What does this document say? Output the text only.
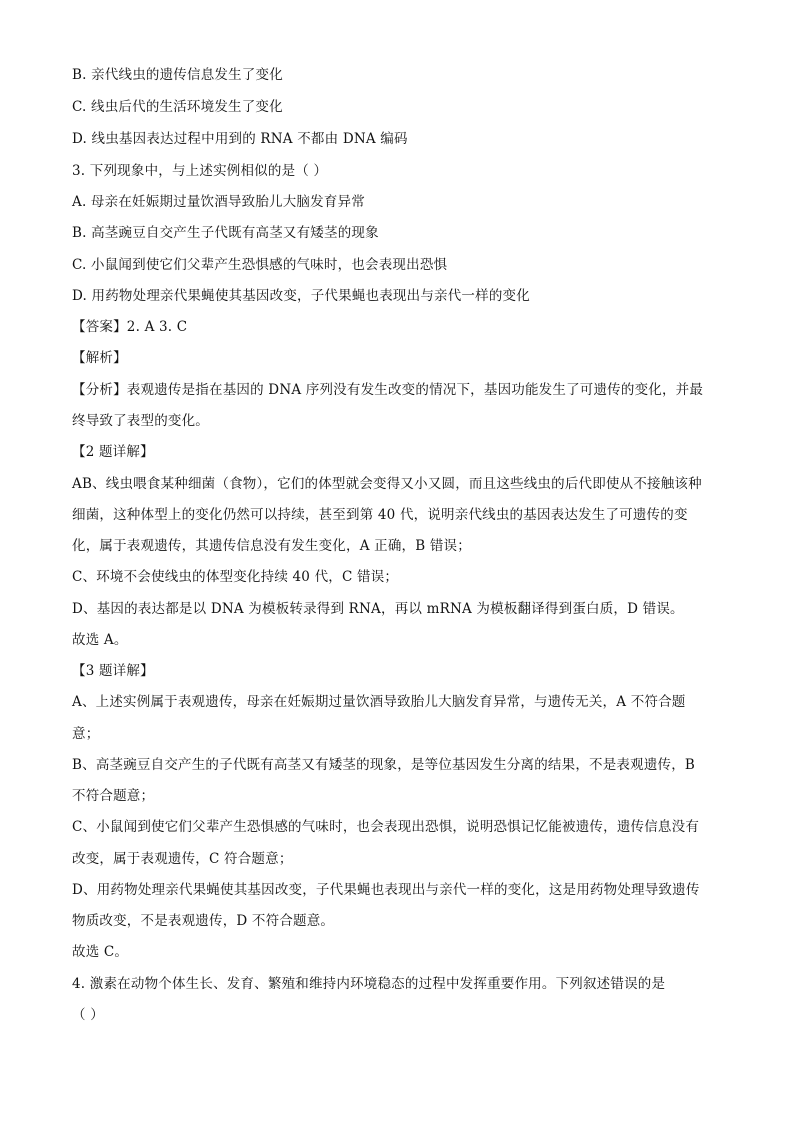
B. 亲代线虫的遗传信息发生了变化
C. 线虫后代的生活环境发生了变化
D. 线虫基因表达过程中用到的 RNA 不都由 DNA 编码
3. 下列现象中，与上述实例相似的是（ ）
A. 母亲在妊娠期过量饮酒导致胎儿大脑发育异常
B. 高茎豌豆自交产生子代既有高茎又有矮茎的现象
C. 小鼠闻到使它们父辈产生恐惧感的气味时，也会表现出恐惧
D. 用药物处理亲代果蝇使其基因改变，子代果蝇也表现出与亲代一样的变化
【答案】2. A 3. C
【解析】
【分析】表观遗传是指在基因的 DNA 序列没有发生改变的情况下，基因功能发生了可遗传的变化，并最
终导致了表型的变化。
【2 题详解】
AB、线虫喂食某种细菌（食物），它们的体型就会变得又小又圆，而且这些线虫的后代即使从不接触该种
细菌，这种体型上的变化仍然可以持续，甚至到第 40 代，说明亲代线虫的基因表达发生了可遗传的变
化，属于表观遗传，其遗传信息没有发生变化，A 正确，B 错误；
C、环境不会使线虫的体型变化持续 40 代，C 错误；
D、基因的表达都是以 DNA 为模板转录得到 RNA，再以 mRNA 为模板翻译得到蛋白质，D 错误。
故选 A。
【3 题详解】
A、上述实例属于表观遗传，母亲在妊娠期过量饮酒导致胎儿大脑发育异常，与遗传无关，A 不符合题
意；
B、高茎豌豆自交产生的子代既有高茎又有矮茎的现象，是等位基因发生分离的结果，不是表观遗传，B
不符合题意；
C、小鼠闻到使它们父辈产生恐惧感的气味时，也会表现出恐惧，说明恐惧记忆能被遗传，遗传信息没有
改变，属于表观遗传，C 符合题意；
D、用药物处理亲代果蝇使其基因改变，子代果蝇也表现出与亲代一样的变化，这是用药物处理导致遗传
物质改变，不是表观遗传，D 不符合题意。
故选 C。
4. 激素在动物个体生长、发育、繁殖和维持内环境稳态的过程中发挥重要作用。下列叙述错误的是
（ ）
